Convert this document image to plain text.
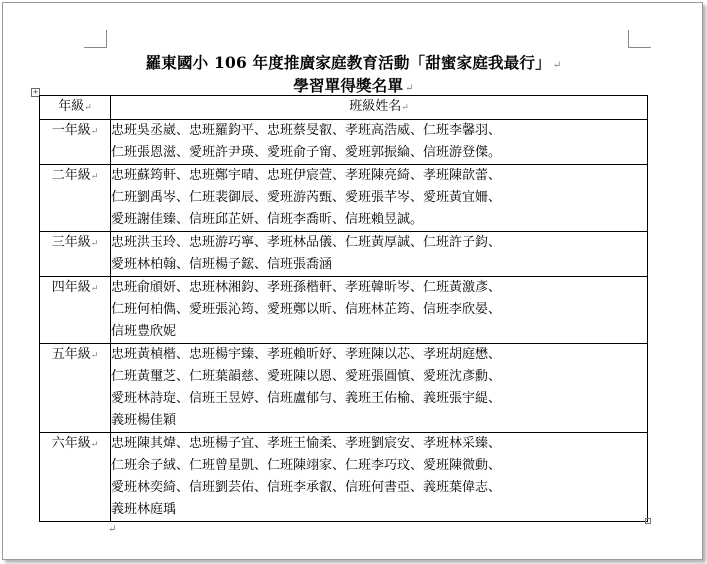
羅東國小 106 年度推廣家庭教育活動「甜蜜家庭我最行」 ↵
學習單得獎名單 ↵
+
年級↵	班級姓名↵
一年級↵	忠班吳丞崴、忠班羅鈞平、忠班蔡旻叡、孝班高浩威、仁班李馨羽、
仁班張恩滋、愛班許尹瑛、愛班俞子甯、愛班郭振綸、信班游登傑。

二年級↵	忠班蘇筠軒、忠班鄭宇晴、忠班伊宸萱、孝班陳亮綺、孝班陳歆蕾、
仁班劉禹岑、仁班裴御辰、愛班游芮甄、愛班張芊岑、愛班黃宜姍、
愛班謝佳臻、信班邱芷妍、信班李喬昕、信班賴昱誠。

三年級↵	忠班洪玉玲、忠班游巧寧、孝班林品儀、仁班黃厚誠、仁班許子鈞、
愛班林柏翰、信班楊子鋐、信班張喬涵

四年級↵	忠班俞頎妍、忠班林湘鈞、孝班孫楷軒、孝班韓昕岑、仁班黃激彥、
仁班何柏儁、愛班張沁筠、愛班鄭以昕、信班林芷筠、信班李欣晏、
信班豊欣妮

五年級↵	忠班黃楨楷、忠班楊宇臻、孝班賴昕妤、孝班陳以芯、孝班胡庭懋、
仁班黃璽芝、仁班葉韻慈、愛班陳以恩、愛班張圓慎、愛班沈彥勳、
愛班林詩琁、信班王昱婷、信班盧郁勻、義班王佑榆、義班張宇緹、
義班楊佳穎

六年級↵	忠班陳其煒、忠班楊子宜、孝班王愉柔、孝班劉宸安、孝班林采臻、
仁班余子絨、仁班曾星凱、仁班陳翊家、仁班李巧玟、愛班陳微動、
愛班林奕綺、信班劉芸佑、信班李承叡、信班何書亞、義班葉偉志、
義班林庭瑀
↵
